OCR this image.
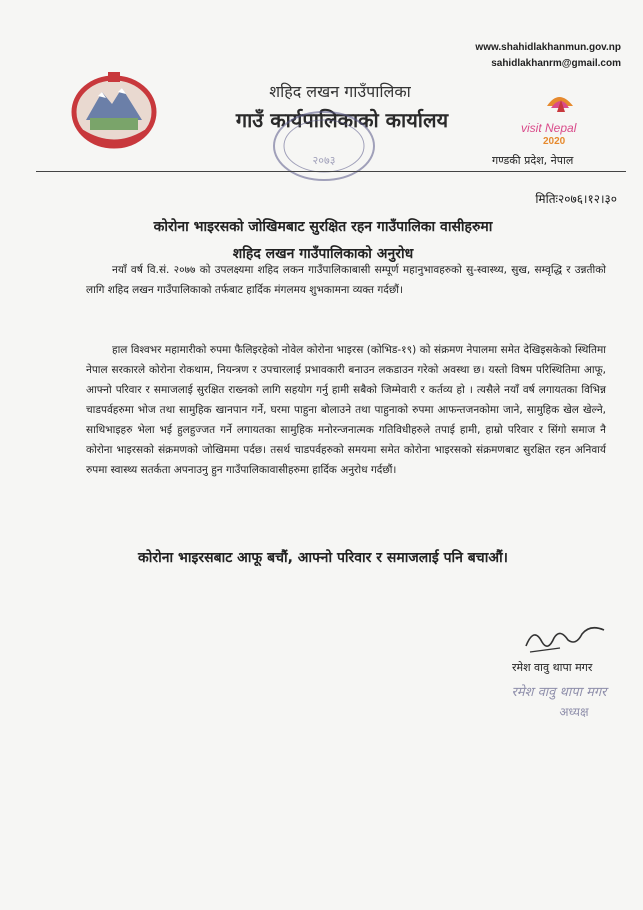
www.shahidlakhanmun.gov.np
sahidlakhanrm@gmail.com
शहिद लखन गाउँपालिका
गाउँ कार्यपालिकाको कार्यालय
२०७३
visit Nepal
2020
गण्डकी प्रदेश, नेपाल
मितिः२०७६।१२।३०
कोरोना भाइरसको जोखिमबाट सुरक्षित रहन गाउँपालिका वासीहरुमा
शहिद लखन गाउँपालिकाको अनुरोध
नयाँ वर्ष वि.सं. २०७७ को उपलक्ष्यमा शहिद लकन गाउँपालिकाबासी सम्पूर्ण महानुभावहरुको सु-स्वास्थ्य, सुख, सम्वृद्धि र उन्नतीको लागि शहिद लखन गाउँपालिकाको तर्फबाट हार्दिक मंगलमय शुभकामना व्यक्त गर्दछौं।
हाल विश्वभर महामारीको रुपमा फैलिइरहेको नोवेल कोरोना भाइरस (कोभिड-१९) को संक्रमण नेपालमा समेत देखिइसकेको स्थितिमा नेपाल सरकारले कोरोना रोकथाम, नियन्त्रण र उपचारलाई प्रभावकारी बनाउन लकडाउन गरेको अवस्था छ। यस्तो विषम परिस्थितिमा आफू, आफ्नो परिवार र समाजलाई सुरक्षित राख्नको लागि सहयोग गर्नु हामी सबैको जिम्मेवारी र कर्तव्य हो । त्यसैले नयाँ वर्ष लगायतका विभिन्न चाडपर्वहरुमा भोज तथा सामुहिक खानपान गर्ने, घरमा पाहुना बोलाउने तथा पाहुनाको रुपमा आफन्तजनकोमा जाने, सामुहिक खेल खेल्ने, साथिभाइहरु भेला भई हुलहुज्जत गर्ने लगायतका सामुहिक मनोरन्जनात्मक गतिविधीहरुले तपाई हामी, हाम्रो परिवार र सिंगो समाज नै कोरोना भाइरसको संक्रमणको जोखिममा पर्दछ। तसर्थ चाडपर्वहरुको समयमा समेत कोरोना भाइरसको संक्रमणबाट सुरक्षित रहन अनिवार्य रुपमा स्वास्थ्य सतर्कता अपनाउनु हुन गाउँपालिकावासीहरुमा हार्दिक अनुरोध गर्दछौं।
कोरोना भाइरसबाट आफू बचौं, आफ्नो परिवार र समाजलाई पनि बचाऔं।
रमेश वावु थापा मगर
रमेश वावु थापा मगर
अध्यक्ष
